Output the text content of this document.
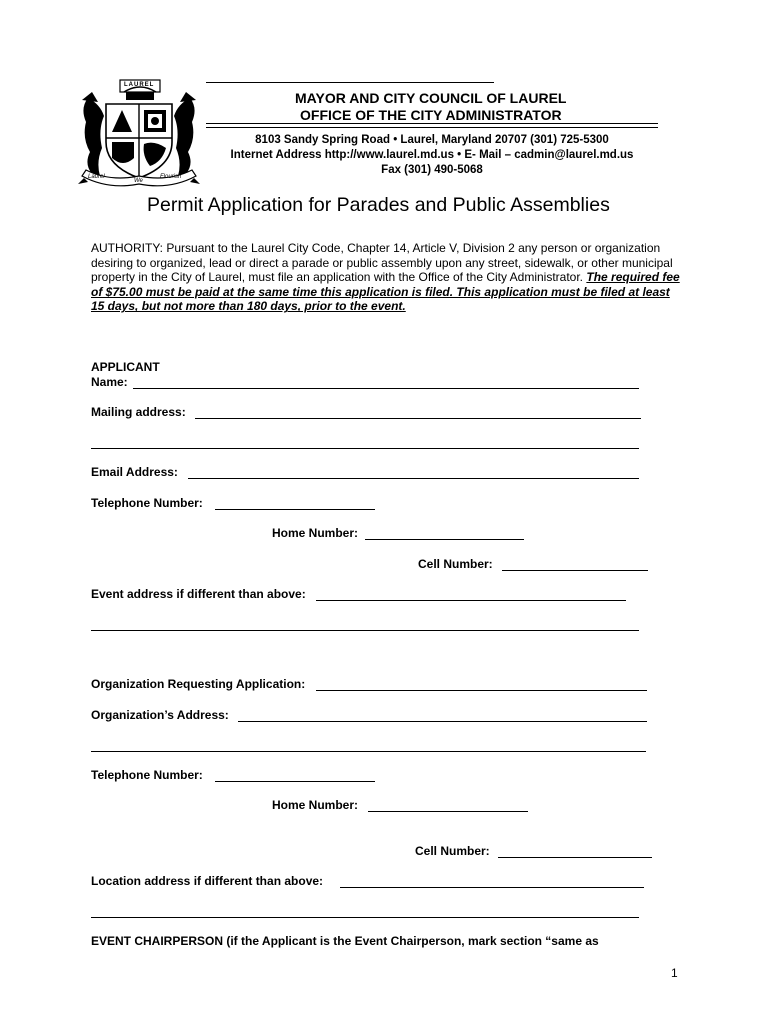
LAUREL
Laurel
We
Flourish
MAYOR AND CITY COUNCIL OF LAUREL
OFFICE OF THE CITY ADMINISTRATOR
8103 Sandy Spring Road • Laurel, Maryland 20707 (301) 725-5300
Internet Address http://www.laurel.md.us • E- Mail – cadmin@laurel.md.us
Fax (301) 490-5068
Permit Application for Parades and Public Assemblies
AUTHORITY: Pursuant to the Laurel City Code, Chapter 14, Article V, Division 2 any person or organization desiring to organized, lead or direct a parade or public assembly upon any street, sidewalk, or other municipal property in the City of Laurel, must file an application with the Office of the City Administrator. The required fee of $75.00 must be paid at the same time this application is filed. This application must be filed at least 15 days, but not more than 180 days, prior to the event.
APPLICANT
Name:
Mailing address:
Email Address:
Telephone Number:
Home Number:
Cell Number:
Event address if different than above:
Organization Requesting Application:
Organization’s Address:
Telephone Number:
Home Number:
Cell Number:
Location address if different than above:
EVENT CHAIRPERSON (if the Applicant is the Event Chairperson, mark section “same as
1
